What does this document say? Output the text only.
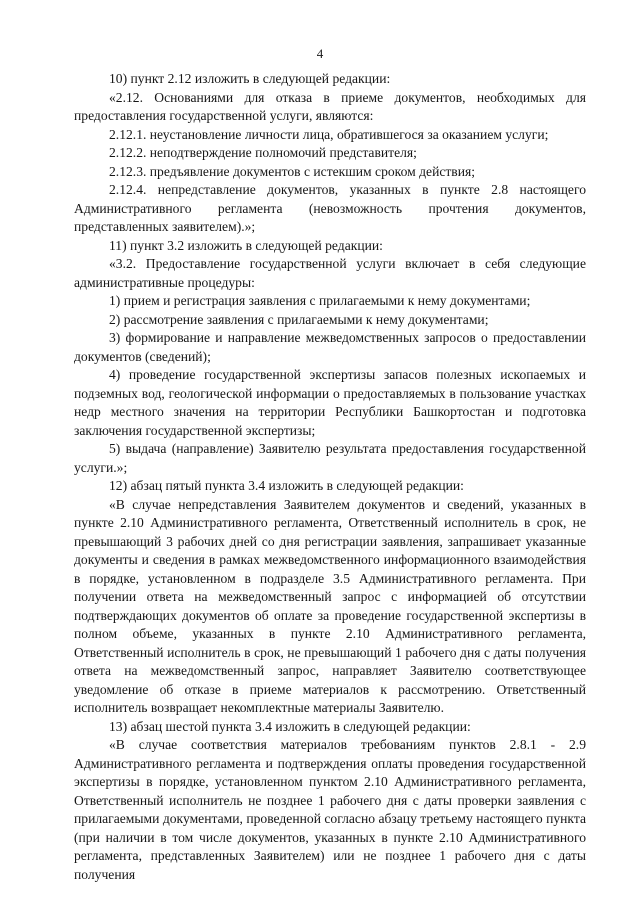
4

10) пункт 2.12 изложить в следующей редакции:

«2.12. Основаниями для отказа в приеме документов, необходимых для предоставления государственной услуги, являются:

2.12.1. неустановление личности лица, обратившегося за оказанием услуги;

2.12.2. неподтверждение полномочий представителя;

2.12.3. предъявление документов с истекшим сроком действия;

2.12.4. непредставление документов, указанных в пункте 2.8 настоящего Административного регламента (невозможность прочтения документов, представленных заявителем).»;

11) пункт 3.2 изложить в следующей редакции:

«3.2. Предоставление государственной услуги включает в себя следующие административные процедуры:

1) прием и регистрация заявления с прилагаемыми к нему документами;

2) рассмотрение заявления с прилагаемыми к нему документами;

3) формирование и направление межведомственных запросов о предоставлении документов (сведений);

4) проведение государственной экспертизы запасов полезных ископаемых и подземных вод, геологической информации о предоставляемых в пользование участках недр местного значения на территории Республики Башкортостан и подготовка заключения государственной экспертизы;

5) выдача (направление) Заявителю результата предоставления государственной услуги.»;

12) абзац пятый пункта 3.4 изложить в следующей редакции:

«В случае непредставления Заявителем документов и сведений, указанных в пункте 2.10 Административного регламента, Ответственный исполнитель в срок, не превышающий 3 рабочих дней со дня регистрации заявления, запрашивает указанные документы и сведения в рамках межведомственного информационного взаимодействия в порядке, установленном в подразделе 3.5 Административного регламента. При получении ответа на межведомственный запрос с информацией об отсутствии подтверждающих документов об оплате за проведение государственной экспертизы в полном объеме, указанных в пункте 2.10 Административного регламента, Ответственный исполнитель в срок, не превышающий 1 рабочего дня с даты получения ответа на межведомственный запрос, направляет Заявителю соответствующее уведомление об отказе в приеме материалов к рассмотрению. Ответственный исполнитель возвращает некомплектные материалы Заявителю.

13) абзац шестой пункта 3.4 изложить в следующей редакции:

«В случае соответствия материалов требованиям пунктов 2.8.1 - 2.9 Административного регламента и подтверждения оплаты проведения государственной экспертизы в порядке, установленном пунктом 2.10 Административного регламента, Ответственный исполнитель не позднее 1 рабочего дня с даты проверки заявления с прилагаемыми документами, проведенной согласно абзацу третьему настоящего пункта (при наличии в том числе документов, указанных в пункте 2.10 Административного регламента, представленных Заявителем) или не позднее 1 рабочего дня с даты получения
